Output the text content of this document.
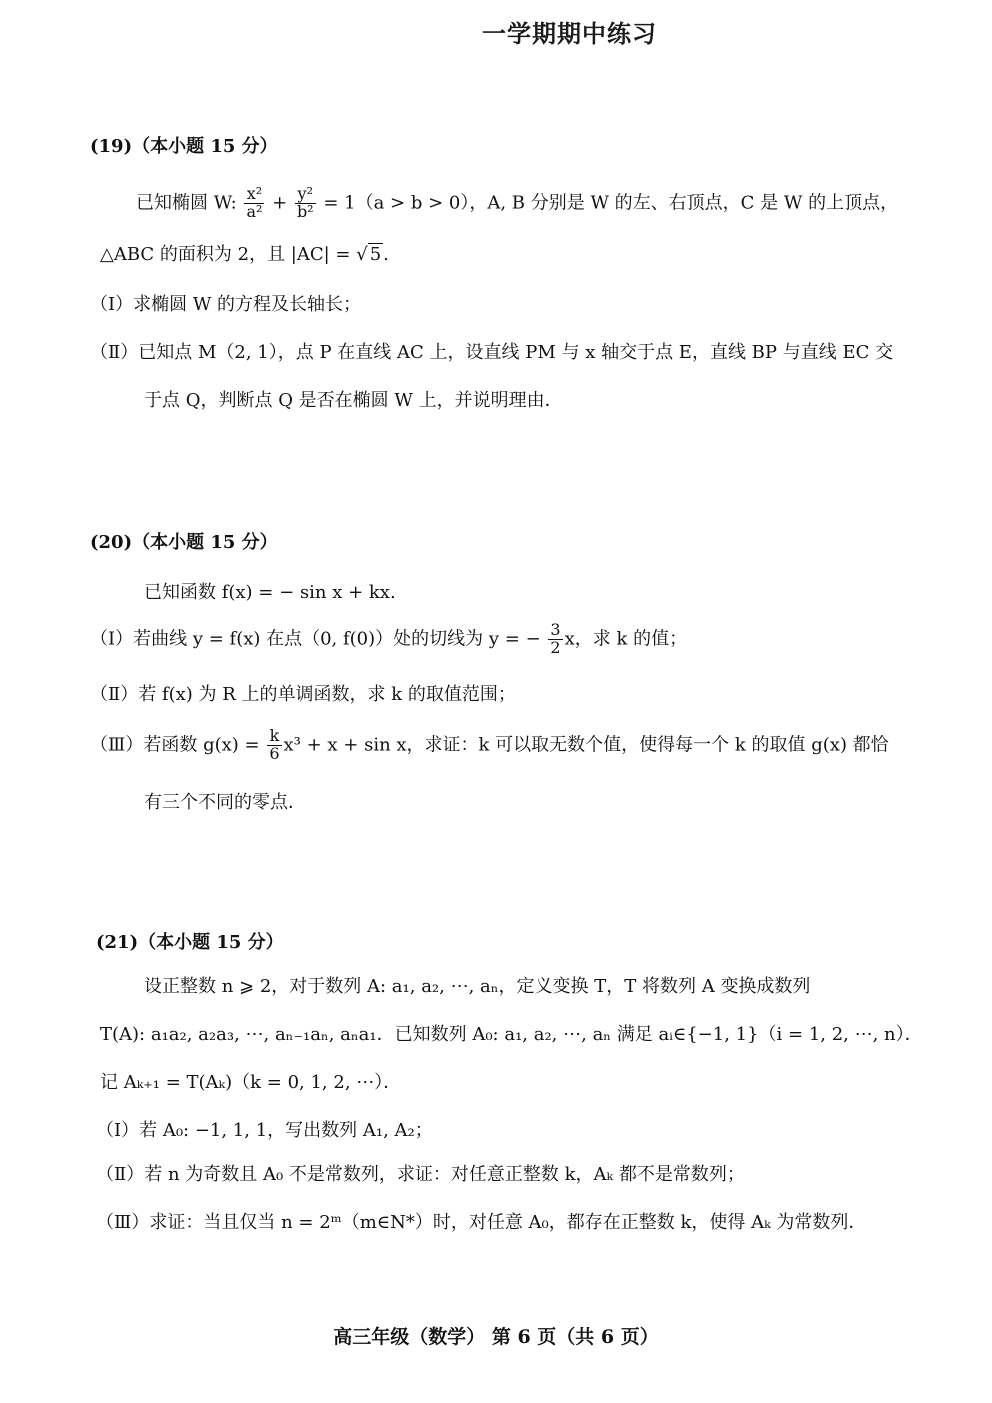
一学期期中练习
(19)（本小题 15 分）
已知椭圆 W: $\frac{\text{x²}}{\text{a²}} + \frac{\text{y²}}{\text{b²}} = 1(a > b > 0)$，A, B 分别是 W 的左、右顶点，C 是 W 的上顶点，
△ABC 的面积为 2，且 |AC| = √ 5 .
（Ⅰ）求椭圆 W 的方程及长轴长；
（Ⅱ）已知点 M（2, 1），点 P 在直线 AC 上，设直线 PM 与 x 轴交于点 E，直线 BP 与直线 EC 交
于点 Q，判断点 Q 是否在椭圆 W 上，并说明理由．
(20)（本小题 15 分）
已知函数 f(x) = − sin x + kx.
（Ⅰ）若曲线 y = f(x) 在点（0, f(0)）处的切线为 y = − $\frac{3}{2}$ x，求 k 的值；
（Ⅱ）若 f(x) 为 R 上的单调函数，求 k 的取值范围；
（Ⅲ）若函数 $g(x) = \frac{k}{6} x^3 + x + \sin x$，求证：k 可以取无数个值，使得每一个 k 的取值 g(x) 都恰
有三个不同的零点．
(21)（本小题 15 分）
设正整数 n ⩾ 2，对于数列 A: a₁, a₂, ⋯, aₙ，定义变换 T，T 将数列 A 变换成数列
T(A): a₁a₂, a₂a₃, ⋯, aₙ₋₁aₙ, aₙa₁．已知数列 A₀: a₁, a₂, ⋯, aₙ 满足 aᵢ∈{−1, 1}（i = 1, 2, ⋯, n）．
记 Aₖ₊₁ = T(Aₖ)（k = 0, 1, 2, ⋯）．
（Ⅰ）若 A₀: −1, 1, 1，写出数列 A₁, A₂；
（Ⅱ）若 n 为奇数且 A₀ 不是常数列，求证：对任意正整数 k，Aₖ 都不是常数列；
（Ⅲ）求证：当且仅当 n = 2ᵐ（m∈N*）时，对任意 A₀，都存在正整数 k，使得 Aₖ 为常数列．
高三年级（数学） 第 6 页（共 6 页）
